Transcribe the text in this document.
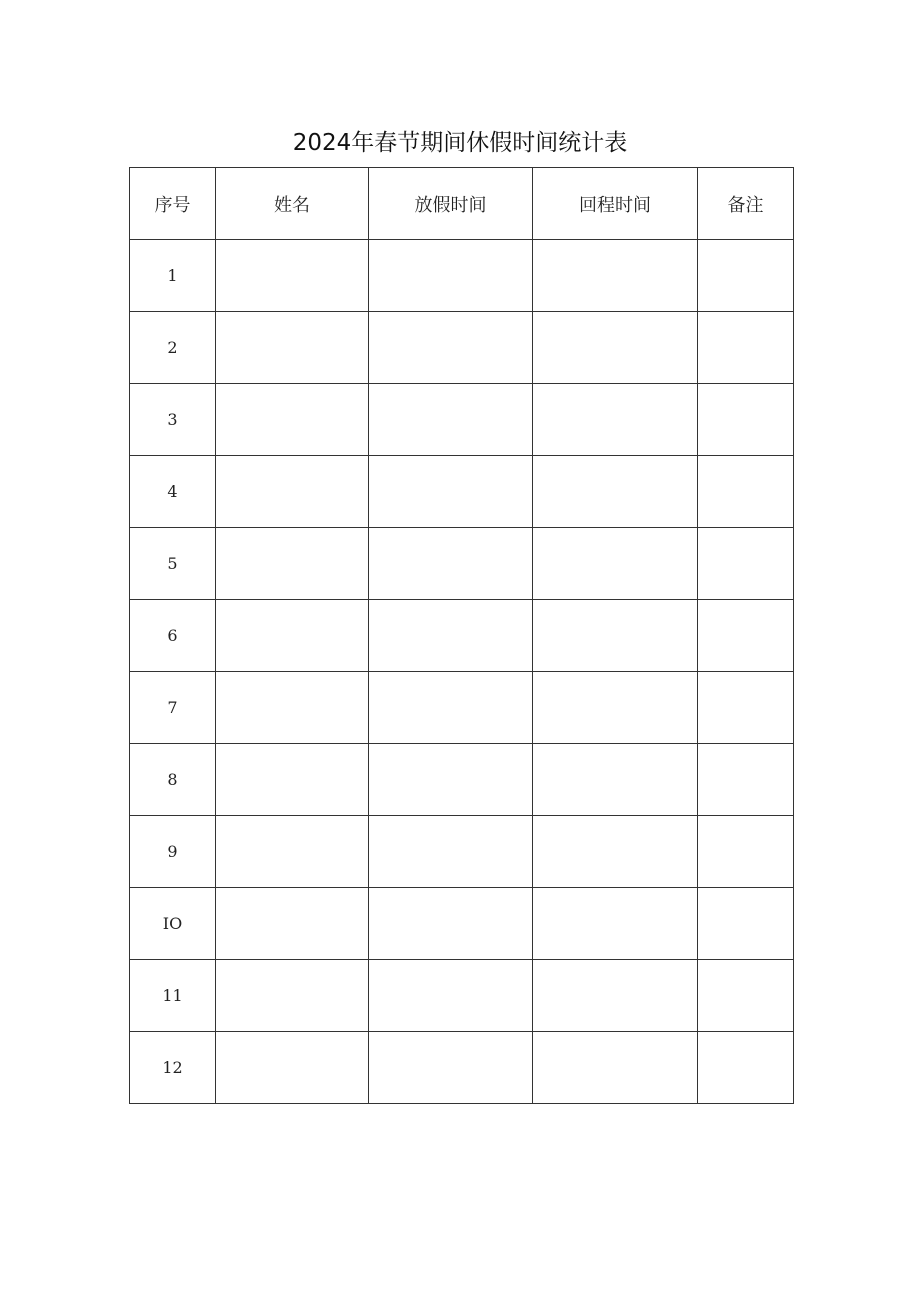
2024年春节期间休假时间统计表
序号	姓名	放假时间	回程时间	备注
1				
2				
3				
4				
5				
6				
7				
8				
9				
IO				
11				
12				
